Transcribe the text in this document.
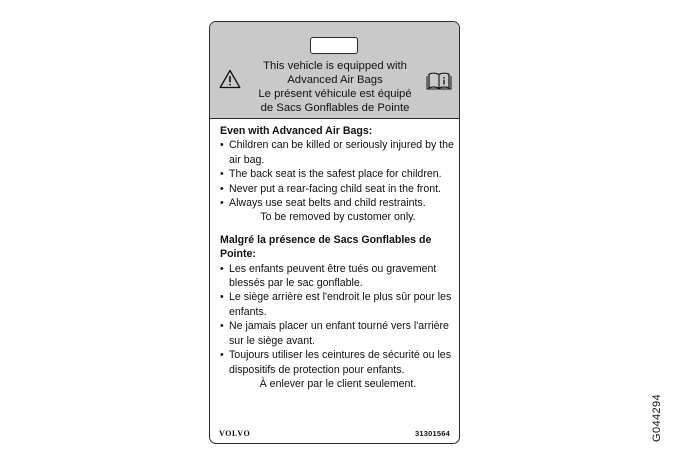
This vehicle is equipped with
Advanced Air Bags
Le présent véhicule est équipé
de Sacs Gonflables de Pointe
Even with Advanced Air Bags:
• Children can be killed or seriously injured by the air bag.
• The back seat is the safest place for children.
• Never put a rear-facing child seat in the front.
• Always use seat belts and child restraints.
To be removed by customer only.
Malgré la présence de Sacs Gonflables de Pointe:
• Les enfants peuvent être tués ou gravement blessés par le sac gonflable.
• Le siège arrière est l'endroit le plus sûr pour les enfants.
• Ne jamais placer un enfant tourné vers l'arrière sur le siège avant.
• Toujours utiliser les ceintures de sécurité ou les dispositifs de protection pour enfants.
À enlever par le client seulement.
VOLVO	31301564	G044294
